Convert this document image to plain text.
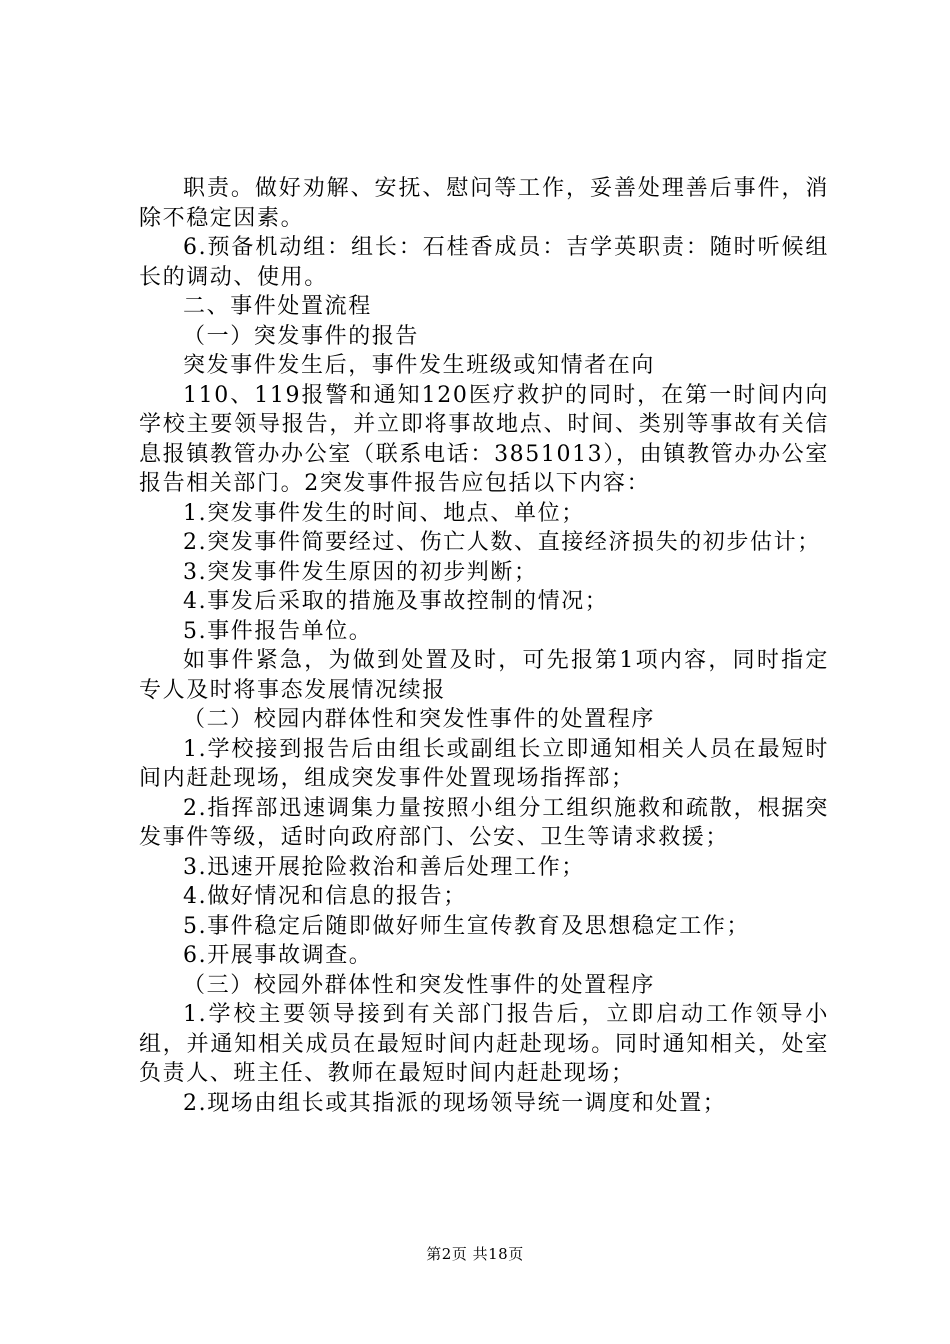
职责。做好劝解、安抚、慰问等工作，妥善处理善后事件，消除不稳定因素。

6.预备机动组：组长：石桂香成员：吉学英职责：随时听候组长的调动、使用。

二、事件处置流程

（一）突发事件的报告

突发事件发生后，事件发生班级或知情者在向

110、119报警和通知120医疗救护的同时，在第一时间内向学校主要领导报告，并立即将事故地点、时间、类别等事故有关信息报镇教管办办公室（联系电话：3851013），由镇教管办办公室报告相关部门。2突发事件报告应包括以下内容：

1.突发事件发生的时间、地点、单位；

2.突发事件简要经过、伤亡人数、直接经济损失的初步估计；

3.突发事件发生原因的初步判断；

4.事发后采取的措施及事故控制的情况；

5.事件报告单位。

如事件紧急，为做到处置及时，可先报第1项内容，同时指定专人及时将事态发展情况续报

（二）校园内群体性和突发性事件的处置程序

1.学校接到报告后由组长或副组长立即通知相关人员在最短时间内赶赴现场，组成突发事件处置现场指挥部；

2.指挥部迅速调集力量按照小组分工组织施救和疏散，根据突发事件等级，适时向政府部门、公安、卫生等请求救援；

3.迅速开展抢险救治和善后处理工作；

4.做好情况和信息的报告；

5.事件稳定后随即做好师生宣传教育及思想稳定工作；

6.开展事故调查。

（三）校园外群体性和突发性事件的处置程序

1.学校主要领导接到有关部门报告后，立即启动工作领导小组，并通知相关成员在最短时间内赶赴现场。同时通知相关，处室负责人、班主任、教师在最短时间内赶赴现场；

2.现场由组长或其指派的现场领导统一调度和处置；

第2页 共18页
